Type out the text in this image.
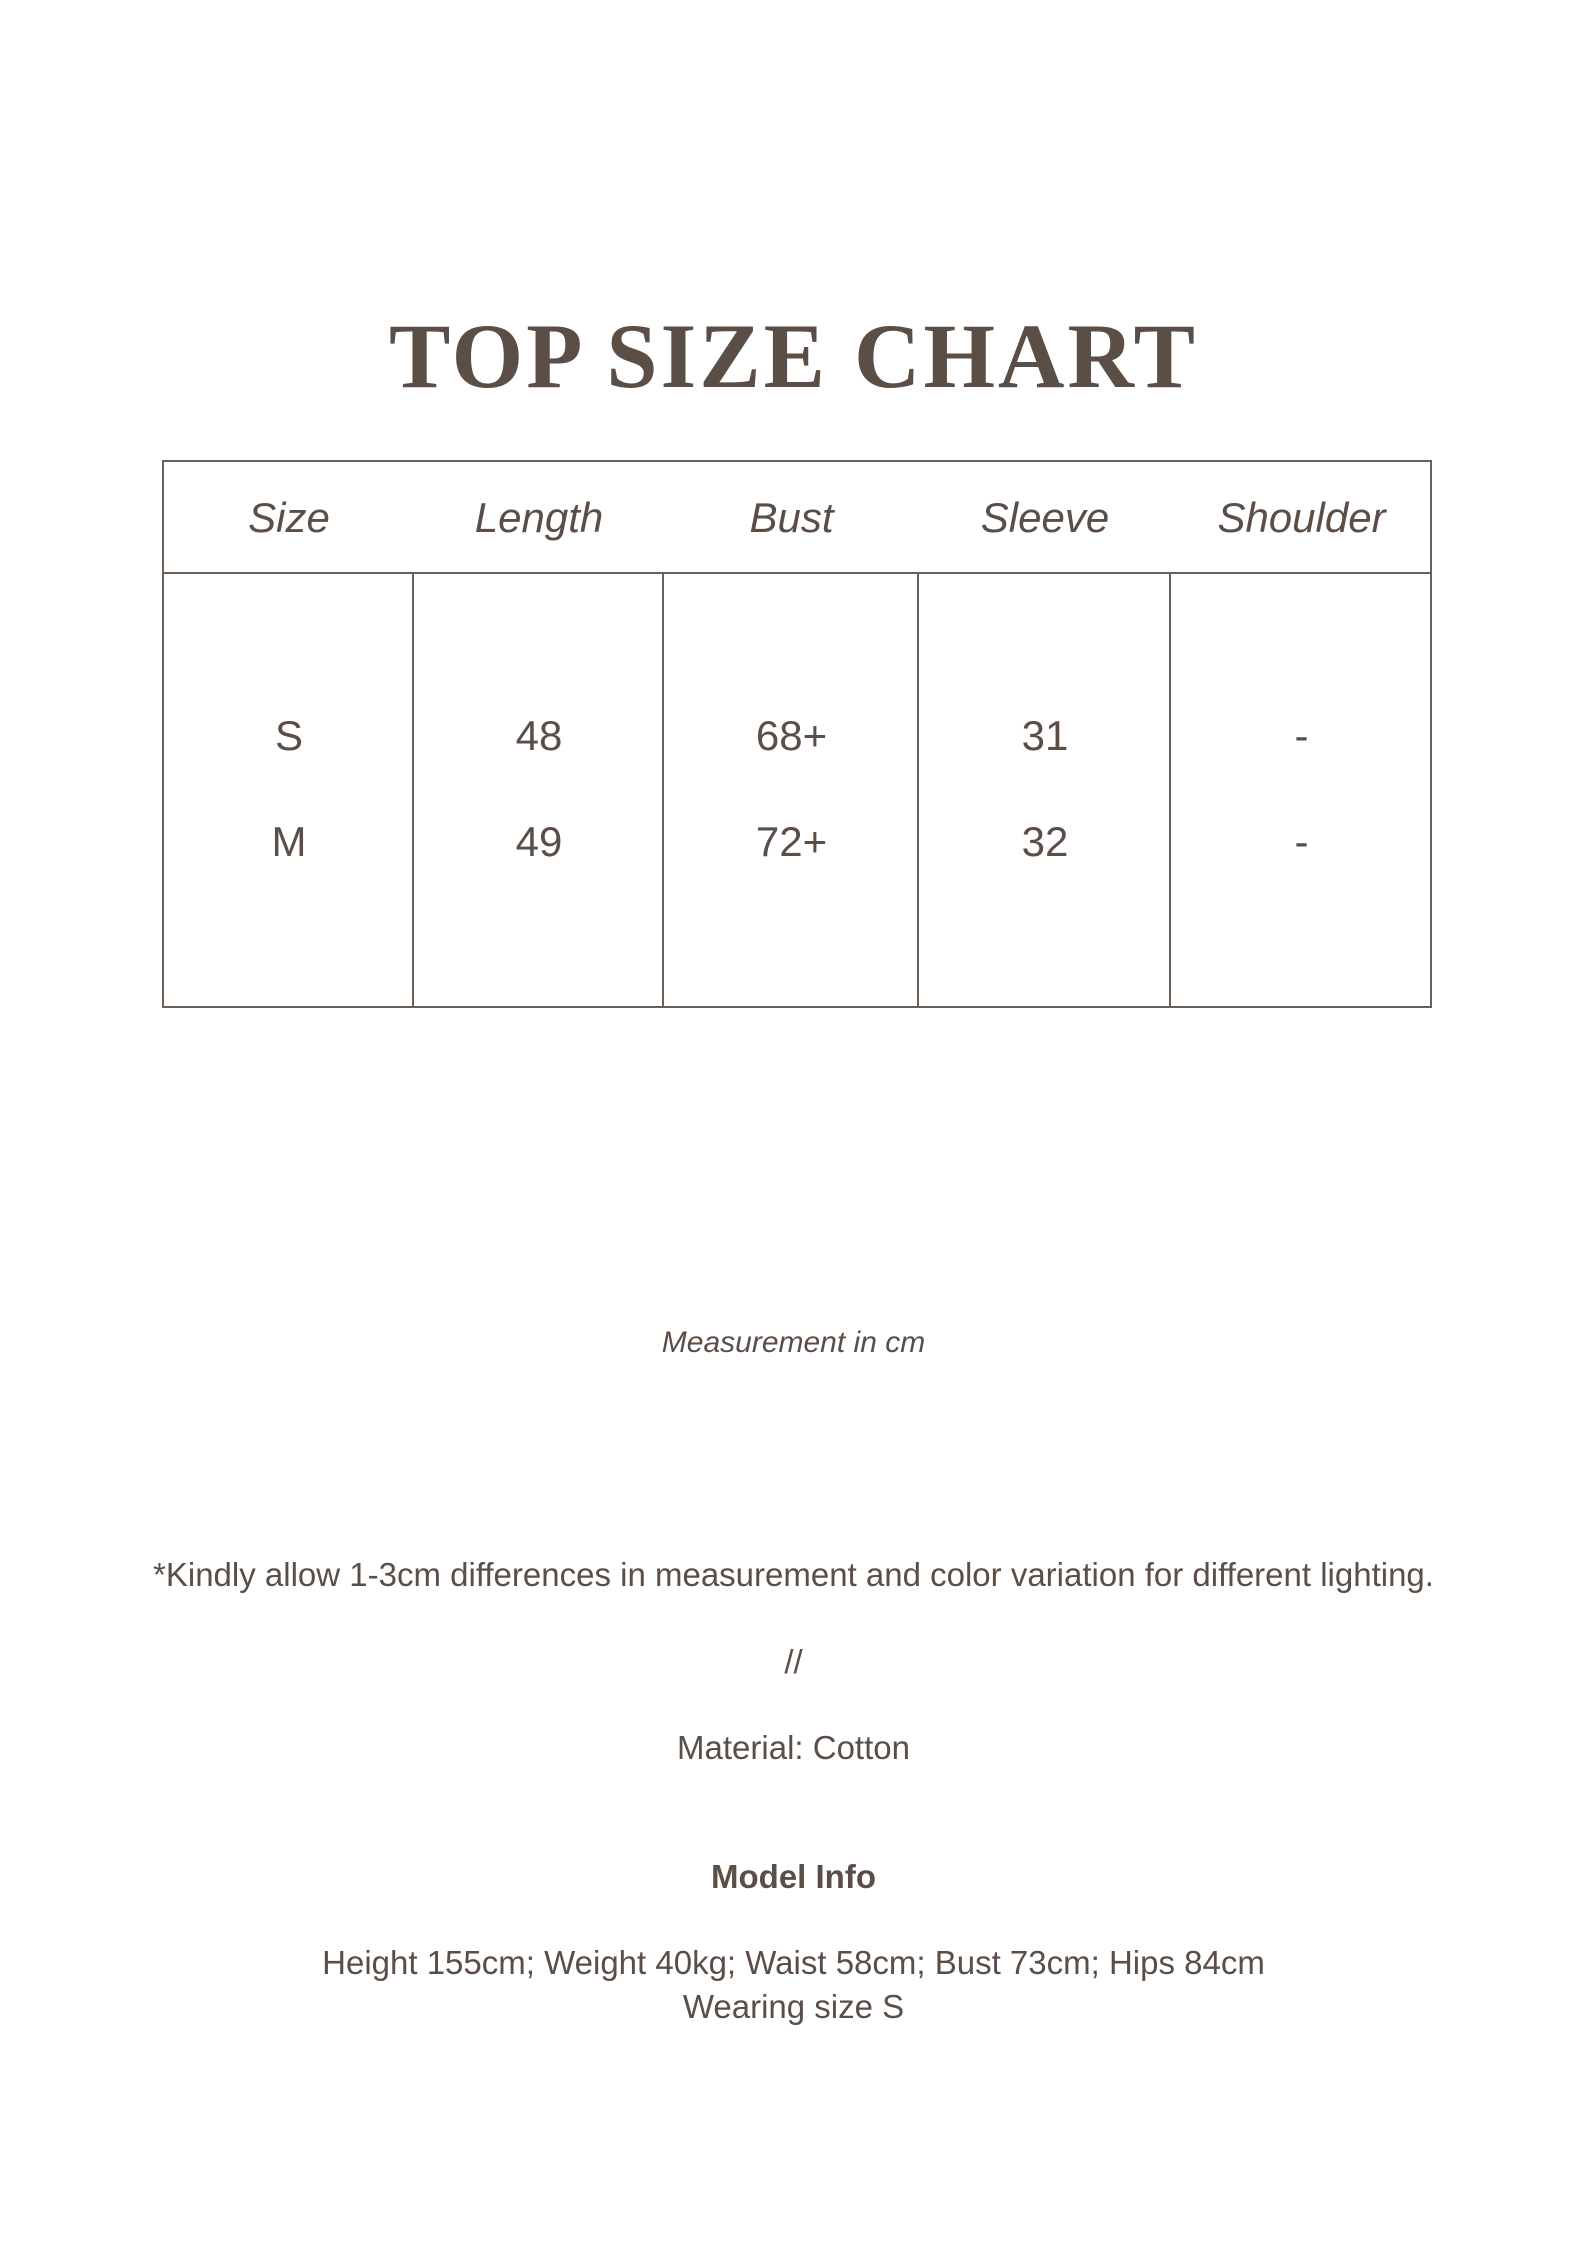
TOP SIZE CHART
Size	Length	Bust	Sleeve	Shoulder
S	48	68+	31	-
M	49	72+	32	-
Measurement in cm
*Kindly allow 1-3cm differences in measurement and color variation for different lighting.
//
Material: Cotton
Model Info
Height 155cm; Weight 40kg; Waist 58cm; Bust 73cm; Hips 84cm
Wearing size S
